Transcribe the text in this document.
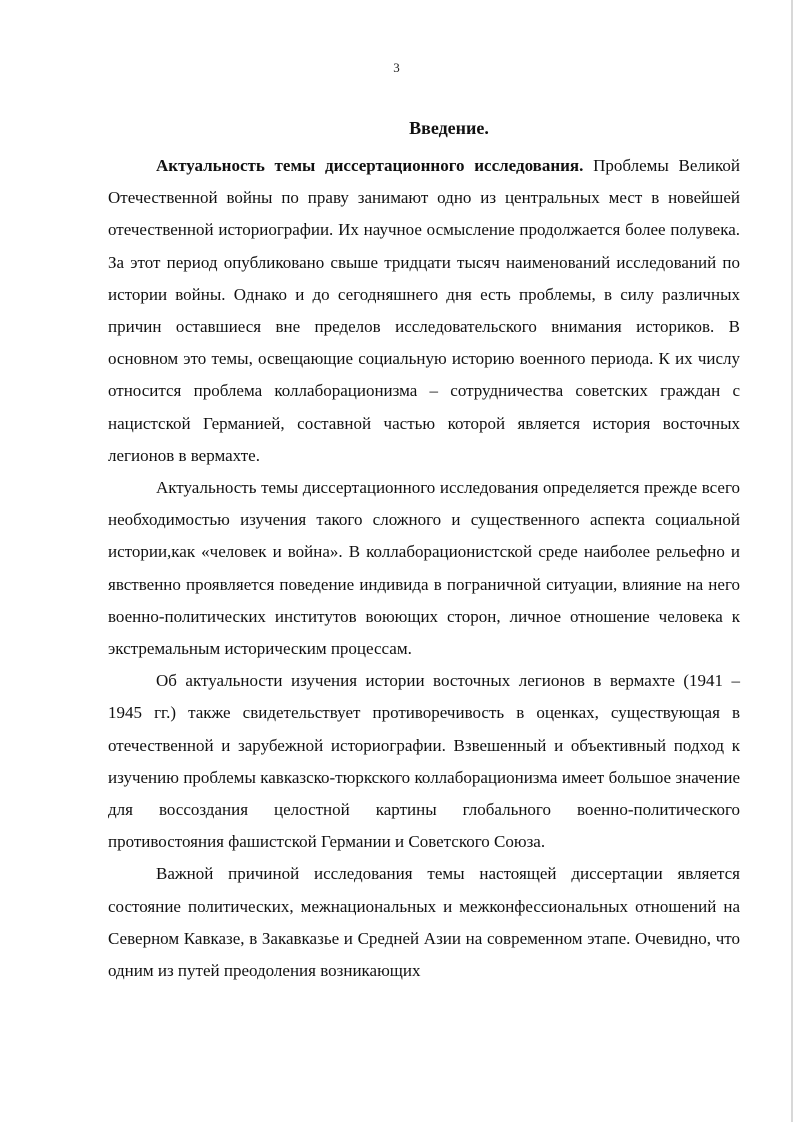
3
Введение.

Актуальность темы диссертационного исследования. Проблемы Великой Отечественной войны по праву занимают одно из центральных мест в новейшей отечественной историографии. Их научное осмысление продолжается более полувека. За этот период опубликовано свыше тридцати тысяч наименований исследований по истории войны. Однако и до сегодняшнего дня есть проблемы, в силу различных причин оставшиеся вне пределов исследовательского внимания историков. В основном это темы, освещающие социальную историю военного периода. К их числу относится проблема коллаборационизма – сотрудничества советских граждан с нацистской Германией, составной частью которой является история восточных легионов в вермахте.

Актуальность темы диссертационного исследования определяется прежде всего необходимостью изучения такого сложного и существенного аспекта социальной истории,как «человек и война». В коллаборационистской среде наиболее рельефно и явственно проявляется поведение индивида в пограничной ситуации, влияние на него военно-политических институтов воюющих сторон, личное отношение человека к экстремальным историческим процессам.

Об актуальности изучения истории восточных легионов в вермахте (1941 – 1945 гг.) также свидетельствует противоречивость в оценках, существующая в отечественной и зарубежной историографии. Взвешенный и объективный подход к изучению проблемы кавказско-тюркского коллаборационизма имеет большое значение для воссоздания целостной картины глобального военно-политического противостояния фашистской Германии и Советского Союза.

Важной причиной исследования темы настоящей диссертации является состояние политических, межнациональных и межконфессиональных отношений на Северном Кавказе, в Закавказье и Средней Азии на современном этапе. Очевидно, что одним из путей преодоления возникающих
